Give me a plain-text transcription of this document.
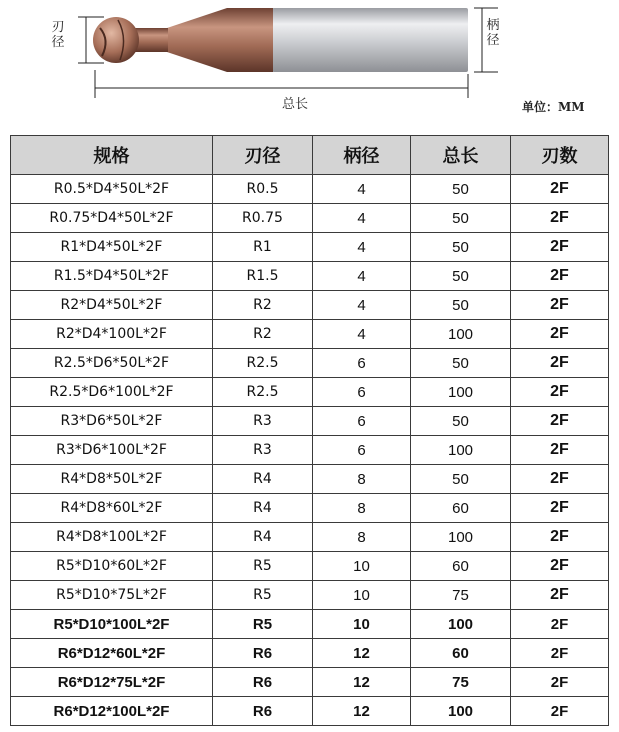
刃
径
柄
径
总长	单位：MM
规格	刃径	柄径	总长	刃数
R0.5*D4*50L*2F	R0.5	4	50	2F
R0.75*D4*50L*2F	R0.75	4	50	2F
R1*D4*50L*2F	R1	4	50	2F
R1.5*D4*50L*2F	R1.5	4	50	2F
R2*D4*50L*2F	R2	4	50	2F
R2*D4*100L*2F	R2	4	100	2F
R2.5*D6*50L*2F	R2.5	6	50	2F
R2.5*D6*100L*2F	R2.5	6	100	2F
R3*D6*50L*2F	R3	6	50	2F
R3*D6*100L*2F	R3	6	100	2F
R4*D8*50L*2F	R4	8	50	2F
R4*D8*60L*2F	R4	8	60	2F
R4*D8*100L*2F	R4	8	100	2F
R5*D10*60L*2F	R5	10	60	2F
R5*D10*75L*2F	R5	10	75	2F
R5*D10*100L*2F	R5	10	100	2F
R6*D12*60L*2F	R6	12	60	2F
R6*D12*75L*2F	R6	12	75	2F
R6*D12*100L*2F	R6	12	100	2F
